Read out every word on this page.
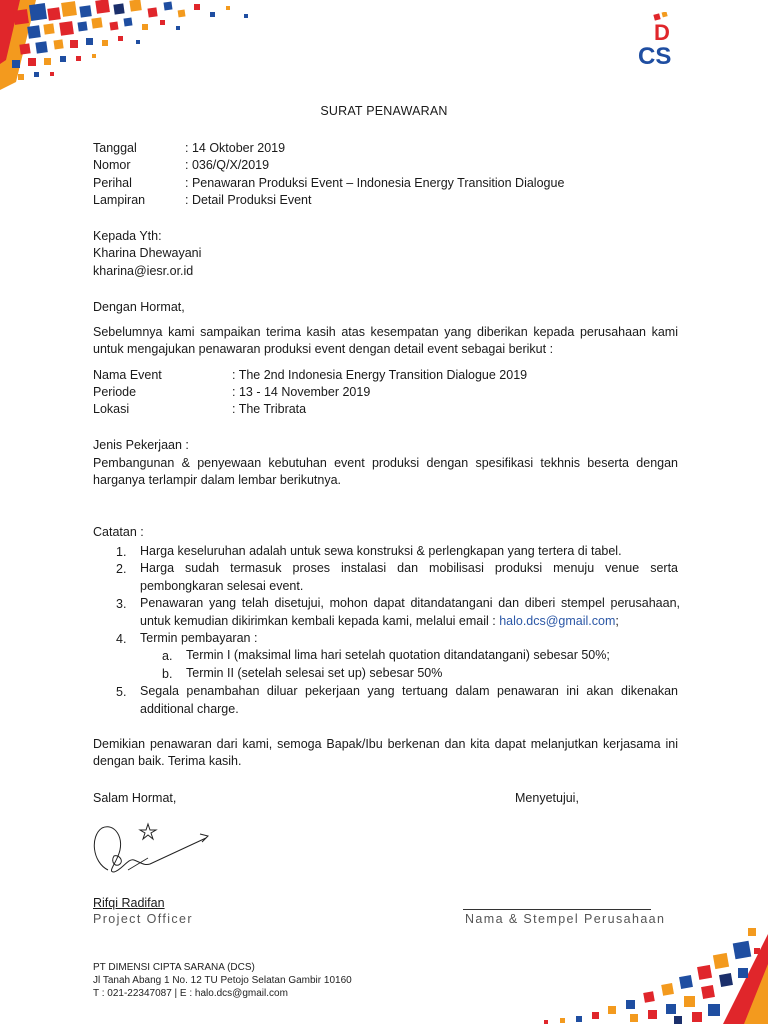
D
CS
SURAT PENAWARAN
Tanggal	: 14 Oktober 2019
Nomor	: 036/Q/X/2019
Perihal	: Penawaran Produksi Event – Indonesia Energy Transition Dialogue
Lampiran	: Detail Produksi Event
Kepada Yth:
Kharina Dhewayani
kharina@iesr.or.id
Dengan Hormat,
Sebelumnya kami sampaikan terima kasih atas kesempatan yang diberikan kepada perusahaan kami untuk mengajukan penawaran produksi event dengan detail event sebagai berikut :
Nama Event	: The 2nd Indonesia Energy Transition Dialogue 2019
Periode	: 13 - 14 November 2019
Lokasi	: The Tribrata
Jenis Pekerjaan :
Pembangunan & penyewaan kebutuhan event produksi dengan spesifikasi tekhnis beserta dengan harganya terlampir dalam lembar berikutnya.
Catatan :
1. Harga keseluruhan adalah untuk sewa konstruksi & perlengkapan yang tertera di tabel.
2. Harga sudah termasuk proses instalasi dan mobilisasi produksi menuju venue serta pembongkaran selesai event.
3. Penawaran yang telah disetujui, mohon dapat ditandatangani dan diberi stempel perusahaan, untuk kemudian dikirimkan kembali kepada kami, melalui email : halo.dcs@gmail.com;
4. Termin pembayaran :
a. Termin I (maksimal lima hari setelah quotation ditandatangani) sebesar 50%;
b. Termin II (setelah selesai set up) sebesar 50%
5. Segala penambahan diluar pekerjaan yang tertuang dalam penawaran ini akan dikenakan additional charge.
Demikian penawaran dari kami, semoga Bapak/Ibu berkenan dan kita dapat melanjutkan kerjasama ini dengan baik. Terima kasih.
Salam Hormat,	Menyetujui,
Rifqi Radifan
Project Officer	Nama & Stempel Perusahaan
PT DIMENSI CIPTA SARANA (DCS)
Jl Tanah Abang 1 No. 12 TU Petojo Selatan Gambir 10160
T : 021-22347087 | E : halo.dcs@gmail.com
